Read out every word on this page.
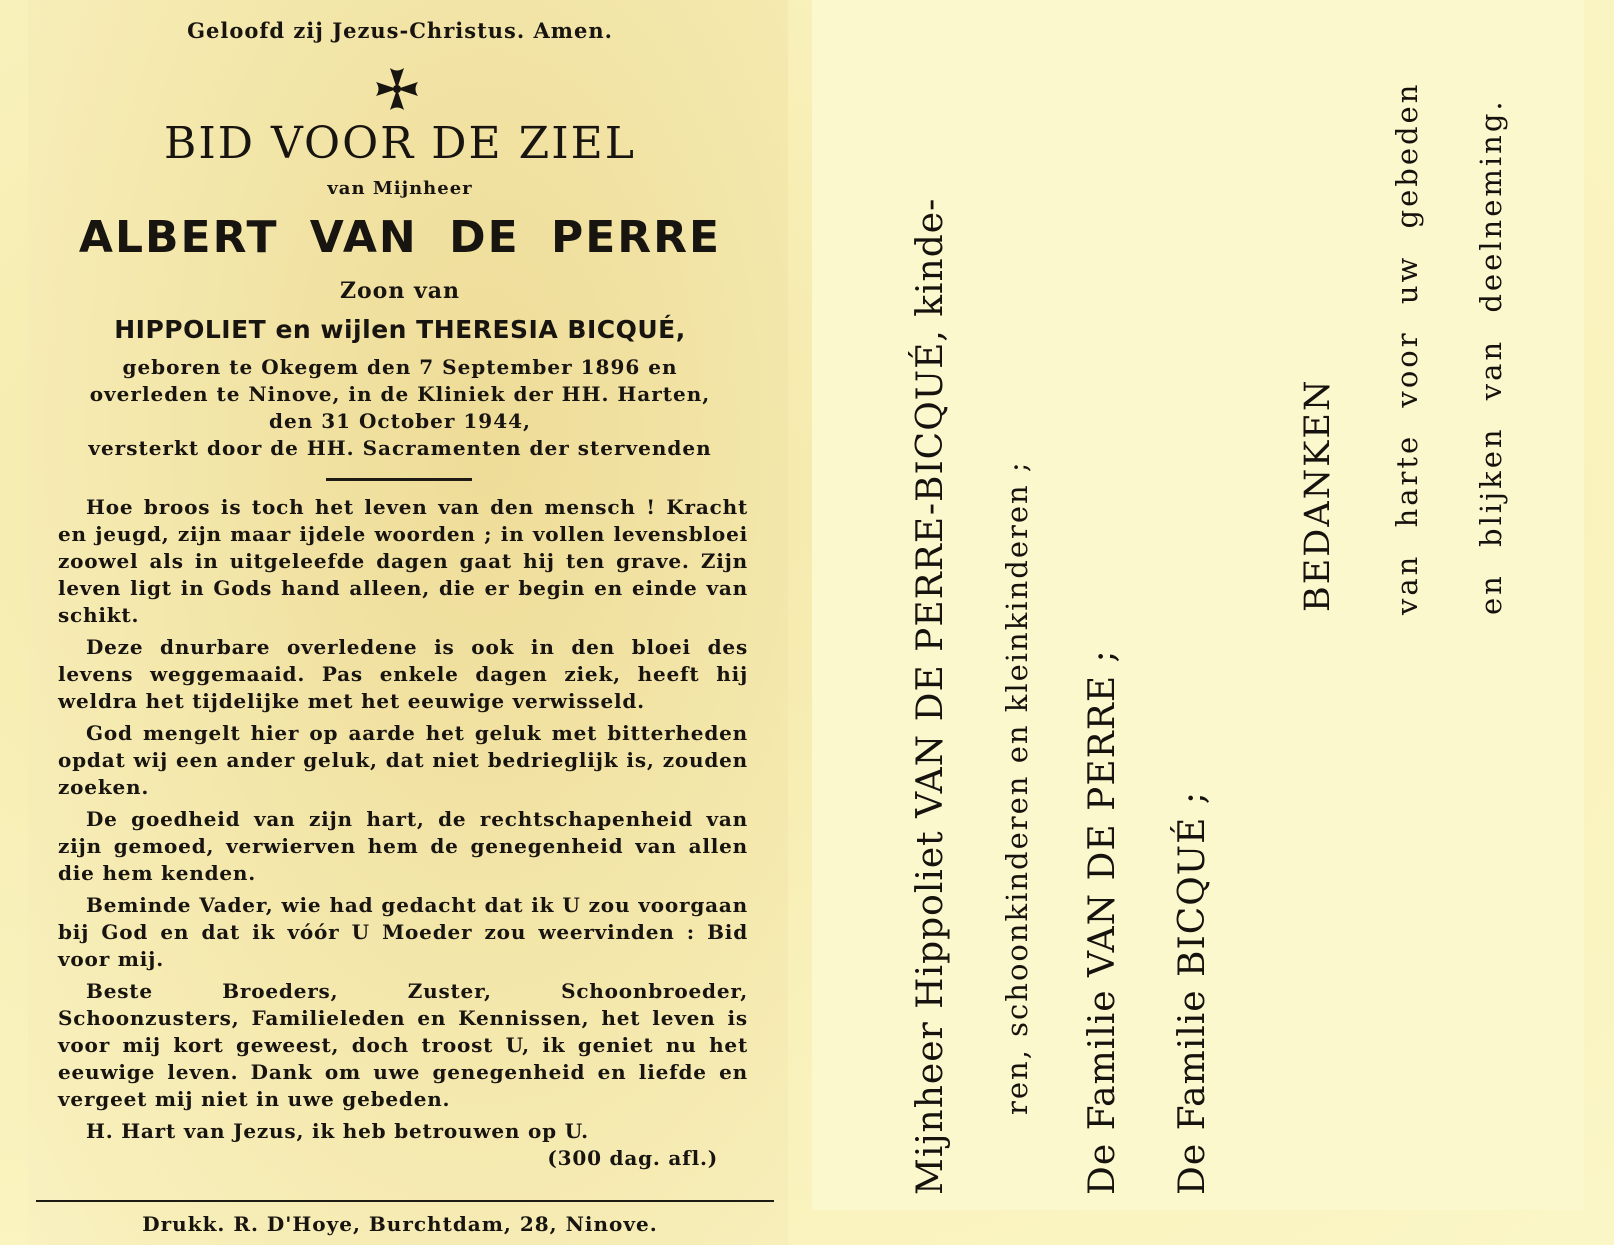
Geloofd zij Jezus-Christus. Amen.
BID VOOR DE ZIEL
van Mijnheer
ALBERT VAN DE PERRE
Zoon van
HIPPOLIET en wijlen THERESIA BICQUÉ,
geboren te Okegem den 7 September 1896 en
overleden te Ninove, in de Kliniek der HH. Harten,
den 31 October 1944,
versterkt door de HH. Sacramenten der stervenden

Hoe broos is toch het leven van den mensch ! Kracht en jeugd, zijn maar ijdele woorden ; in vollen levensbloei zoowel als in uitgeleefde dagen gaat hij ten grave. Zijn leven ligt in Gods hand alleen, die er begin en einde van schikt.

Deze dnurbare overledene is ook in den bloei des levens weggemaaid. Pas enkele dagen ziek, heeft hij weldra het tijdelijke met het eeuwige verwisseld.

God mengelt hier op aarde het geluk met bitterheden opdat wij een ander geluk, dat niet bedrieglijk is, zouden zoeken.

De goedheid van zijn hart, de rechtschapenheid van zijn gemoed, verwierven hem de genegenheid van allen die hem kenden.

Beminde Vader, wie had gedacht dat ik U zou voorgaan bij God en dat ik vóór U Moeder zou weervinden : Bid voor mij.

Beste Broeders, Zuster, Schoonbroeder, Schoonzusters, Familieleden en Kennissen, het leven is voor mij kort geweest, doch troost U, ik geniet nu het eeuwige leven. Dank om uwe genegenheid en liefde en vergeet mij niet in uwe gebeden.

H. Hart van Jezus, ik heb betrouwen op U.

(300 dag. afl.)

Drukk. R. D'Hoye, Burchtdam, 28, Ninove.
Mijnheer Hippoliet VAN DE PERRE-BICQUÉ, kinde- ren, schoonkinderen en kleinkinderen ; De Familie VAN DE PERRE ; De Familie BICQUÉ ;
BEDANKEN van harte voor uw gebeden en blijken van deelneming.
